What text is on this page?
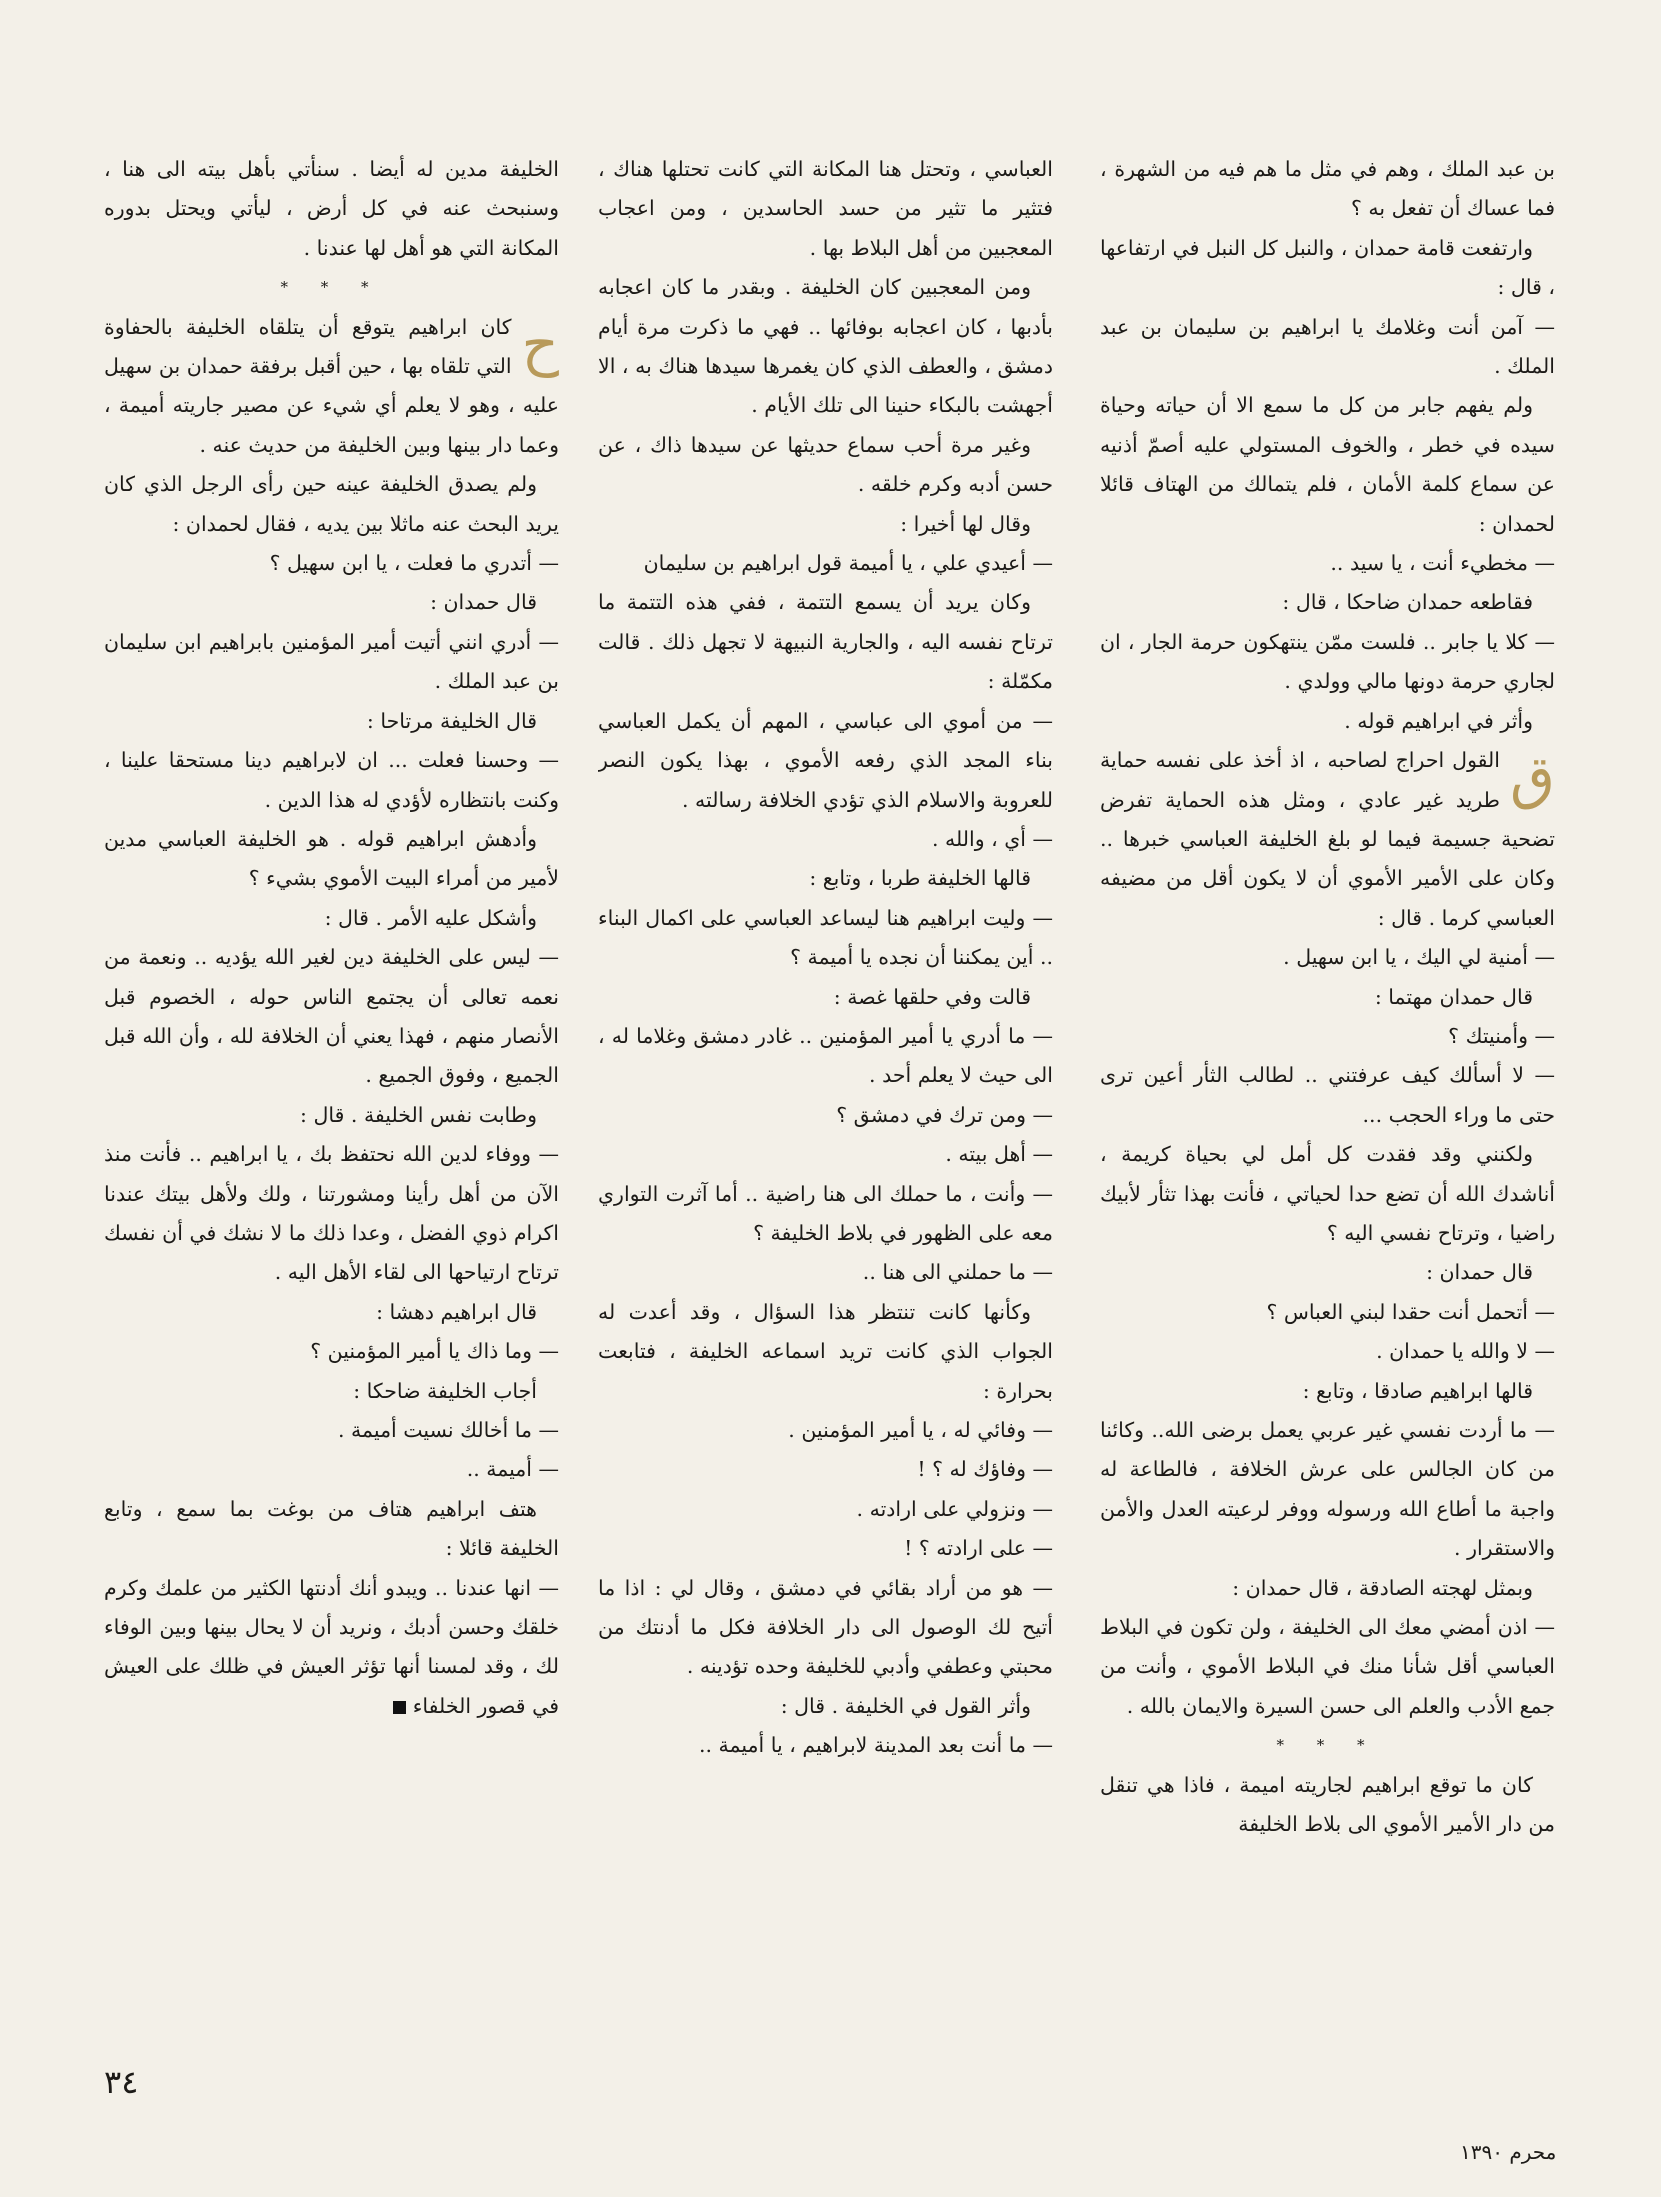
بن عبد الملك ، وهم في مثل ما هم فيه من الشهرة ، فما عساك أن تفعل به ؟

وارتفعت قامة حمدان ، والنبل كل النبل في ارتفاعها ، قال :

— آمن أنت وغلامك يا ابراهيم بن سليمان بن عبد الملك .

ولم يفهم جابر من كل ما سمع الا أن حياته وحياة سيده في خطر ، والخوف المستولي عليه أصمّ أذنيه عن سماع كلمة الأمان ، فلم يتمالك من الهتاف قائلا لحمدان :

— مخطيء أنت ، يا سيد ..

فقاطعه حمدان ضاحكا ، قال :

— كلا يا جابر .. فلست ممّن ينتهكون حرمة الجار ، ان لجاري حرمة دونها مالي وولدي .

وأثر في ابراهيم قوله .

ق
القول احراج لصاحبه ، اذ أخذ على نفسه حماية طريد غير عادي ، ومثل هذه الحماية تفرض تضحية جسيمة فيما لو بلغ الخليفة العباسي خبرها .. وكان على الأمير الأموي أن لا يكون أقل من مضيفه العباسي كرما . قال :

— أمنية لي اليك ، يا ابن سهيل .

قال حمدان مهتما :

— وأمنيتك ؟

— لا أسألك كيف عرفتني .. لطالب الثأر أعين ترى حتى ما وراء الحجب ...

ولكنني وقد فقدت كل أمل لي بحياة كريمة ، أناشدك الله أن تضع حدا لحياتي ، فأنت بهذا تثأر لأبيك راضيا ، وترتاح نفسي اليه ؟

قال حمدان :

— أتحمل أنت حقدا لبني العباس ؟

— لا والله يا حمدان .

قالها ابراهيم صادقا ، وتابع :

— ما أردت نفسي غير عربي يعمل برضى الله.. وكائنا من كان الجالس على عرش الخلافة ، فالطاعة له واجبة ما أطاع الله ورسوله ووفر لرعيته العدل والأمن والاستقرار .

وبمثل لهجته الصادقة ، قال حمدان :

— اذن أمضي معك الى الخليفة ، ولن تكون في البلاط العباسي أقل شأنا منك في البلاط الأموي ، وأنت من جمع الأدب والعلم الى حسن السيرة والايمان بالله .

* * *

كان ما توقع ابراهيم لجاريته اميمة ، فاذا هي تنقل من دار الأمير الأموي الى بلاط الخليفة

العباسي ، وتحتل هنا المكانة التي كانت تحتلها هناك ، فتثير ما تثير من حسد الحاسدين ، ومن اعجاب المعجبين من أهل البلاط بها .

ومن المعجبين كان الخليفة . وبقدر ما كان اعجابه بأدبها ، كان اعجابه بوفائها .. فهي ما ذكرت مرة أيام دمشق ، والعطف الذي كان يغمرها سيدها هناك به ، الا أجهشت بالبكاء حنينا الى تلك الأيام .

وغير مرة أحب سماع حديثها عن سيدها ذاك ، عن حسن أدبه وكرم خلقه .

وقال لها أخيرا :

— أعيدي علي ، يا أميمة قول ابراهيم بن سليمان

وكان يريد أن يسمع التتمة ، ففي هذه التتمة ما ترتاح نفسه اليه ، والجارية النبيهة لا تجهل ذلك . قالت مكمّلة :

— من أموي الى عباسي ، المهم أن يكمل العباسي بناء المجد الذي رفعه الأموي ، بهذا يكون النصر للعروبة والاسلام الذي تؤدي الخلافة رسالته .

— أي ، والله .

قالها الخليفة طربا ، وتابع :

— وليت ابراهيم هنا ليساعد العباسي على اكمال البناء .. أين يمكننا أن نجده يا أميمة ؟

قالت وفي حلقها غصة :

— ما أدري يا أمير المؤمنين .. غادر دمشق وغلاما له ، الى حيث لا يعلم أحد .

— ومن ترك في دمشق ؟

— أهل بيته .

— وأنت ، ما حملك الى هنا راضية .. أما آثرت التواري معه على الظهور في بلاط الخليفة ؟

— ما حملني الى هنا ..

وكأنها كانت تنتظر هذا السؤال ، وقد أعدت له الجواب الذي كانت تريد اسماعه الخليفة ، فتابعت بحرارة :

— وفائي له ، يا أمير المؤمنين .

— وفاؤك له ؟ !

— ونزولي على ارادته .

— على ارادته ؟ !

— هو من أراد بقائي في دمشق ، وقال لي : اذا ما أتيح لك الوصول الى دار الخلافة فكل ما أدنتك من محبتي وعطفي وأدبي للخليفة وحده تؤدينه .

وأثر القول في الخليفة . قال :

— ما أنت بعد المدينة لابراهيم ، يا أميمة ..

الخليفة مدين له أيضا . سنأتي بأهل بيته الى هنا ، وسنبحث عنه في كل أرض ، ليأتي ويحتل بدوره المكانة التي هو أهل لها عندنا .

* * *

ح
كان ابراهيم يتوقع أن يتلقاه الخليفة بالحفاوة التي تلقاه بها ، حين أقبل برفقة حمدان بن سهيل عليه ، وهو لا يعلم أي شيء عن مصير جاريته أميمة ، وعما دار بينها وبين الخليفة من حديث عنه .

ولم يصدق الخليفة عينه حين رأى الرجل الذي كان يريد البحث عنه ماثلا بين يديه ، فقال لحمدان :

— أتدري ما فعلت ، يا ابن سهيل ؟

قال حمدان :

— أدري انني أتيت أمير المؤمنين بابراهيم ابن سليمان بن عبد الملك .

قال الخليفة مرتاحا :

— وحسنا فعلت ... ان لابراهيم دينا مستحقا علينا ، وكنت بانتظاره لأؤدي له هذا الدين .

وأدهش ابراهيم قوله . هو الخليفة العباسي مدين لأمير من أمراء البيت الأموي بشيء ؟

وأشكل عليه الأمر . قال :

— ليس على الخليفة دين لغير الله يؤديه .. ونعمة من نعمه تعالى أن يجتمع الناس حوله ، الخصوم قبل الأنصار منهم ، فهذا يعني أن الخلافة لله ، وأن الله قبل الجميع ، وفوق الجميع .

وطابت نفس الخليفة . قال :

— ووفاء لدين الله نحتفظ بك ، يا ابراهيم .. فأنت منذ الآن من أهل رأينا ومشورتنا ، ولك ولأهل بيتك عندنا اكرام ذوي الفضل ، وعدا ذلك ما لا نشك في أن نفسك ترتاح ارتياحها الى لقاء الأهل اليه .

قال ابراهيم دهشا :

— وما ذاك يا أمير المؤمنين ؟

أجاب الخليفة ضاحكا :

— ما أخالك نسيت أميمة .

— أميمة ..

هتف ابراهيم هتاف من بوغت بما سمع ، وتابع الخليفة قائلا :

— انها عندنا .. ويبدو أنك أدنتها الكثير من علمك وكرم خلقك وحسن أدبك ، ونريد أن لا يحال بينها وبين الوفاء لك ، وقد لمسنا أنها تؤثر العيش في ظلك على العيش في قصور الخلفاء

٣٤
محرم ١٣٩٠
